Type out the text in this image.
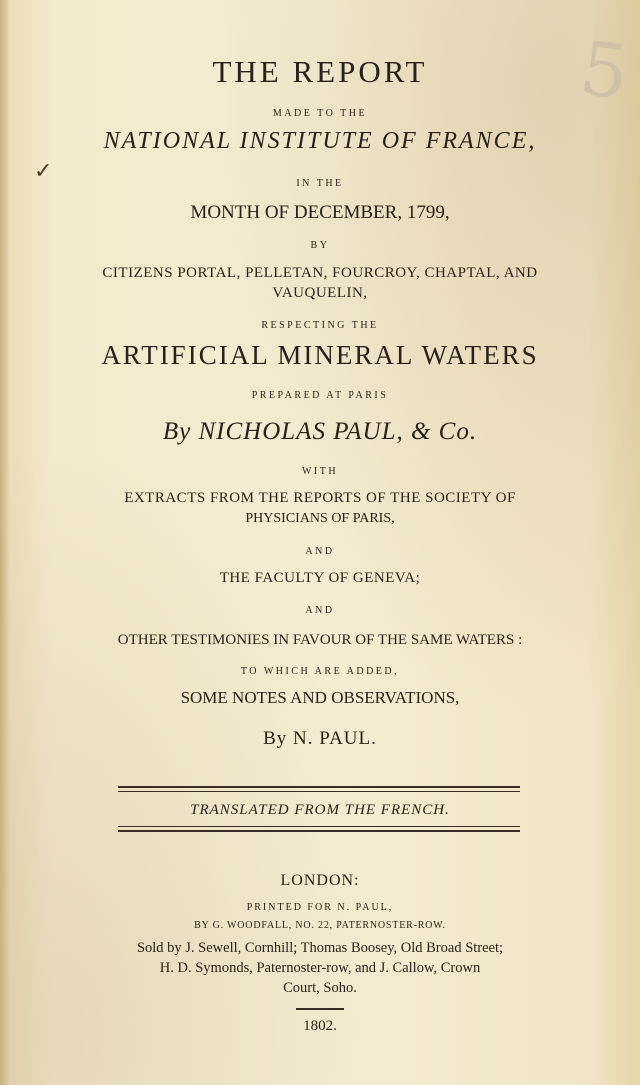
5
✓
THE REPORT
MADE TO THE
NATIONAL INSTITUTE OF FRANCE,
IN THE
MONTH OF DECEMBER, 1799,
BY
CITIZENS PORTAL, PELLETAN, FOURCROY, CHAPTAL, AND
VAUQUELIN,
RESPECTING THE
ARTIFICIAL MINERAL WATERS
PREPARED AT PARIS
By NICHOLAS PAUL, & Co.
WITH
EXTRACTS FROM THE REPORTS OF THE SOCIETY OF
PHYSICIANS OF PARIS,
AND
THE FACULTY OF GENEVA;
AND
OTHER TESTIMONIES IN FAVOUR OF THE SAME WATERS :
TO WHICH ARE ADDED,
SOME NOTES AND OBSERVATIONS,
By N. PAUL.
TRANSLATED FROM THE FRENCH.
LONDON:
PRINTED FOR N. PAUL,
BY G. WOODFALL, NO. 22, PATERNOSTER-ROW.
Sold by J. Sewell, Cornhill; Thomas Boosey, Old Broad Street;
H. D. Symonds, Paternoster-row, and J. Callow, Crown
Court, Soho.
1802.
